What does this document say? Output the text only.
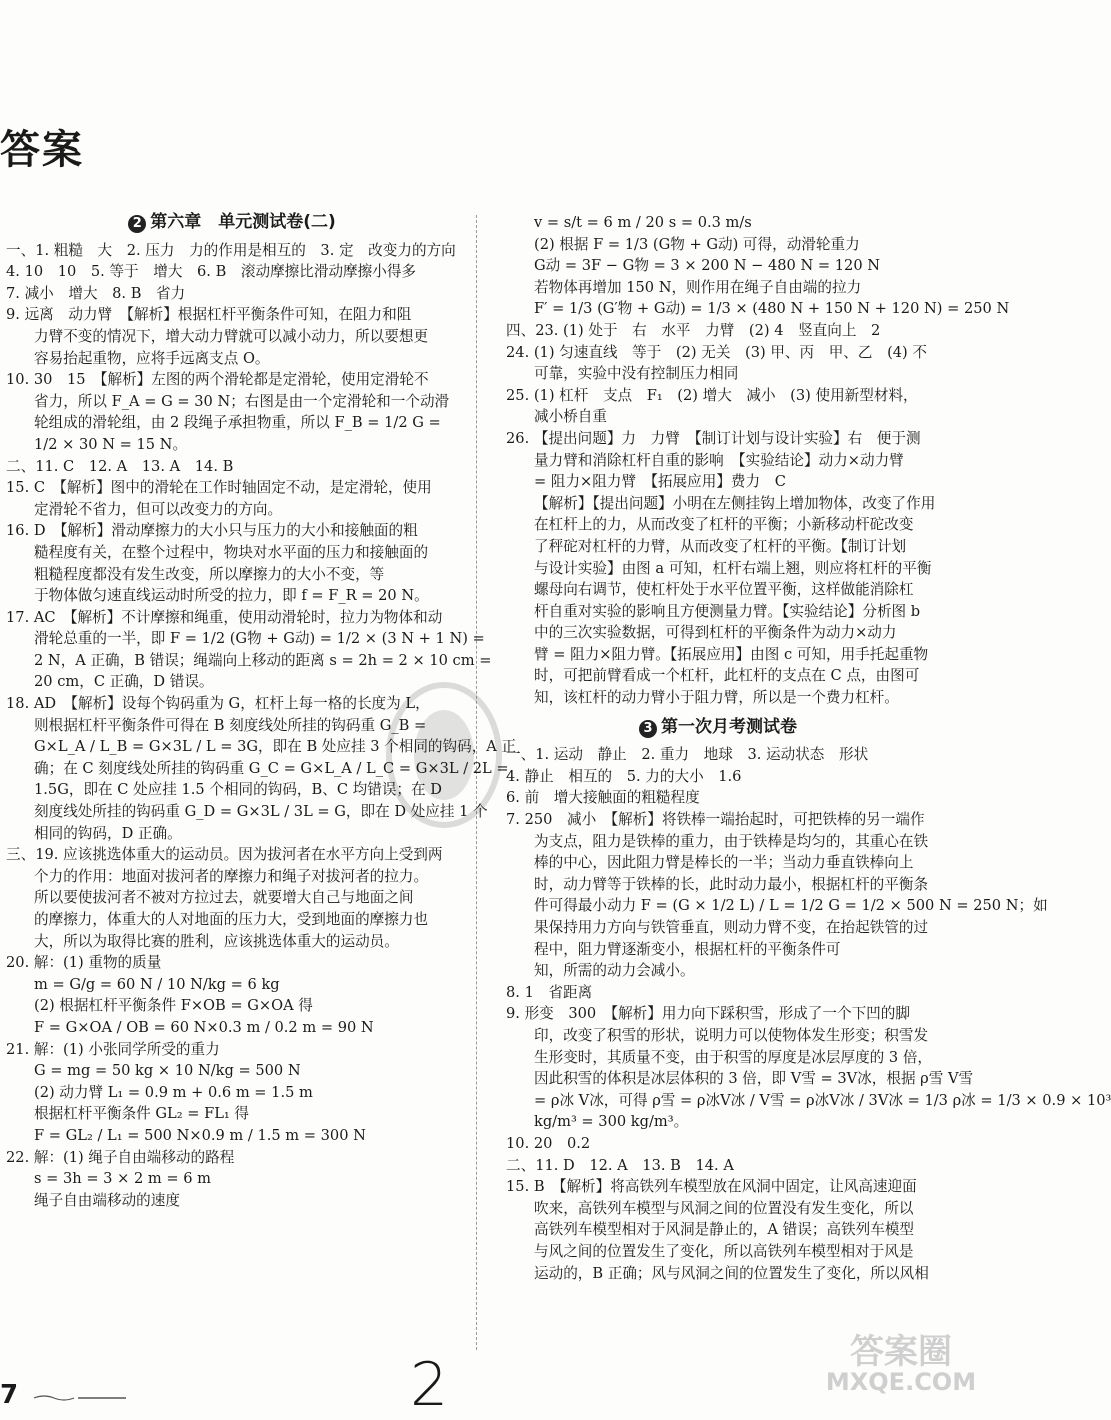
答案
2 第六章　单元测试卷(二)
一、1. 粗糙　大　2. 压力　力的作用是相互的　3. 定　改变力的方向
4. 10　10　5. 等于　增大　6. B　滚动摩擦比滑动摩擦小得多
7. 减小　增大　8. B　省力
9. 远离　动力臂　【解析】根据杠杆平衡条件可知，在阻力和阻
力臂不变的情况下，增大动力臂就可以减小动力，所以要想更
容易抬起重物，应将手远离支点 O。
10. 30　15　【解析】左图的两个滑轮都是定滑轮，使用定滑轮不
省力，所以 F_A = G = 30 N；右图是由一个定滑轮和一个动滑
轮组成的滑轮组，由 2 段绳子承担物重，所以 F_B = 1/2 G =
1/2 × 30 N = 15 N。
二、11. C　12. A　13. A　14. B
15. C　【解析】图中的滑轮在工作时轴固定不动，是定滑轮，使用
定滑轮不省力，但可以改变力的方向。
16. D　【解析】滑动摩擦力的大小只与压力的大小和接触面的粗
糙程度有关，在整个过程中，物块对水平面的压力和接触面的
粗糙程度都没有发生改变，所以摩擦力的大小不变，等
于物体做匀速直线运动时所受的拉力，即 f = F_R = 20 N。
17. AC　【解析】不计摩擦和绳重，使用动滑轮时，拉力为物体和动
滑轮总重的一半，即 F = 1/2 (G物 + G动) = 1/2 × (3 N + 1 N) =
2 N，A 正确，B 错误；绳端向上移动的距离 s = 2h = 2 × 10 cm =
20 cm，C 正确，D 错误。
18. AD　【解析】设每个钩码重为 G，杠杆上每一格的长度为 L，
则根据杠杆平衡条件可得在 B 刻度线处所挂的钩码重 G_B =
G×L_A / L_B = G×3L / L = 3G，即在 B 处应挂 3 个相同的钩码，A 正
确；在 C 刻度线处所挂的钩码重 G_C = G×L_A / L_C = G×3L / 2L =
1.5G，即在 C 处应挂 1.5 个相同的钩码，B、C 均错误；在 D
刻度线处所挂的钩码重 G_D = G×3L / 3L = G，即在 D 处应挂 1 个
相同的钩码，D 正确。
三、19. 应该挑选体重大的运动员。因为拔河者在水平方向上受到两
个力的作用：地面对拔河者的摩擦力和绳子对拔河者的拉力。
所以要使拔河者不被对方拉过去，就要增大自己与地面之间
的摩擦力，体重大的人对地面的压力大，受到地面的摩擦力也
大，所以为取得比赛的胜利，应该挑选体重大的运动员。
20. 解：(1) 重物的质量
m = G/g = 60 N / 10 N/kg = 6 kg
(2) 根据杠杆平衡条件 F×OB = G×OA 得
F = G×OA / OB = 60 N×0.3 m / 0.2 m = 90 N
21. 解：(1) 小张同学所受的重力
G = mg = 50 kg × 10 N/kg = 500 N
(2) 动力臂 L₁ = 0.9 m + 0.6 m = 1.5 m
根据杠杆平衡条件 GL₂ = FL₁ 得
F = GL₂ / L₁ = 500 N×0.9 m / 1.5 m = 300 N
22. 解：(1) 绳子自由端移动的路程
s = 3h = 3 × 2 m = 6 m
绳子自由端移动的速度
v = s/t = 6 m / 20 s = 0.3 m/s
(2) 根据 F = 1/3 (G物 + G动) 可得，动滑轮重力
G动 = 3F − G物 = 3 × 200 N − 480 N = 120 N
若物体再增加 150 N，则作用在绳子自由端的拉力
F′ = 1/3 (G′物 + G动) = 1/3 × (480 N + 150 N + 120 N) = 250 N
四、23. (1) 处于　右　水平　力臂　(2) 4　竖直向上　2
24. (1) 匀速直线　等于　(2) 无关　(3) 甲、丙　甲、乙　(4) 不
可靠，实验中没有控制压力相同
25. (1) 杠杆　支点　F₁　(2) 增大　减小　(3) 使用新型材料，
减小桥自重
26. 【提出问题】力　力臂　【制订计划与设计实验】右　便于测
量力臂和消除杠杆自重的影响　【实验结论】动力×动力臂
= 阻力×阻力臂　【拓展应用】费力　C
【解析】【提出问题】小明在左侧挂钩上增加物体，改变了作用
在杠杆上的力，从而改变了杠杆的平衡；小新移动杆砣改变
了秤砣对杠杆的力臂，从而改变了杠杆的平衡。【制订计划
与设计实验】由图 a 可知，杠杆右端上翘，则应将杠杆的平衡
螺母向右调节，使杠杆处于水平位置平衡，这样做能消除杠
杆自重对实验的影响且方便测量力臂。【实验结论】分析图 b
中的三次实验数据，可得到杠杆的平衡条件为动力×动力
臂 = 阻力×阻力臂。【拓展应用】由图 c 可知，用手托起重物
时，可把前臂看成一个杠杆，此杠杆的支点在 C 点，由图可
知，该杠杆的动力臂小于阻力臂，所以是一个费力杠杆。
3 第一次月考测试卷
一、1. 运动　静止　2. 重力　地球　3. 运动状态　形状
4. 静止　相互的　5. 力的大小　1.6
6. 前　增大接触面的粗糙程度
7. 250　减小　【解析】将铁棒一端抬起时，可把铁棒的另一端作
为支点，阻力是铁棒的重力，由于铁棒是均匀的，其重心在铁
棒的中心，因此阻力臂是棒长的一半；当动力垂直铁棒向上
时，动力臂等于铁棒的长，此时动力最小，根据杠杆的平衡条
件可得最小动力 F = (G × 1/2 L) / L = 1/2 G = 1/2 × 500 N = 250 N；如
果保持用力方向与铁管垂直，则动力臂不变，在抬起铁管的过
程中，阻力臂逐渐变小，根据杠杆的平衡条件可
知，所需的动力会减小。
8. 1　省距离
9. 形变　300　【解析】用力向下踩积雪，形成了一个下凹的脚
印，改变了积雪的形状，说明力可以使物体发生形变；积雪发
生形变时，其质量不变，由于积雪的厚度是冰层厚度的 3 倍，
因此积雪的体积是冰层体积的 3 倍，即 V雪 = 3V冰，根据 ρ雪 V雪
= ρ冰 V冰，可得 ρ雪 = ρ冰V冰 / V雪 = ρ冰V冰 / 3V冰 = 1/3 ρ冰 = 1/3 × 0.9 × 10³
kg/m³ = 300 kg/m³。
10. 20　0.2
二、11. D　12. A　13. B　14. A
15. B　【解析】将高铁列车模型放在风洞中固定，让风高速迎面
吹来，高铁列车模型与风洞之间的位置没有发生变化，所以
高铁列车模型相对于风洞是静止的，A 错误；高铁列车模型
与风之间的位置发生了变化，所以高铁列车模型相对于风是
运动的，B 正确；风与风洞之间的位置发生了变化，所以风相
7	2	答案圈
MXQE.COM
